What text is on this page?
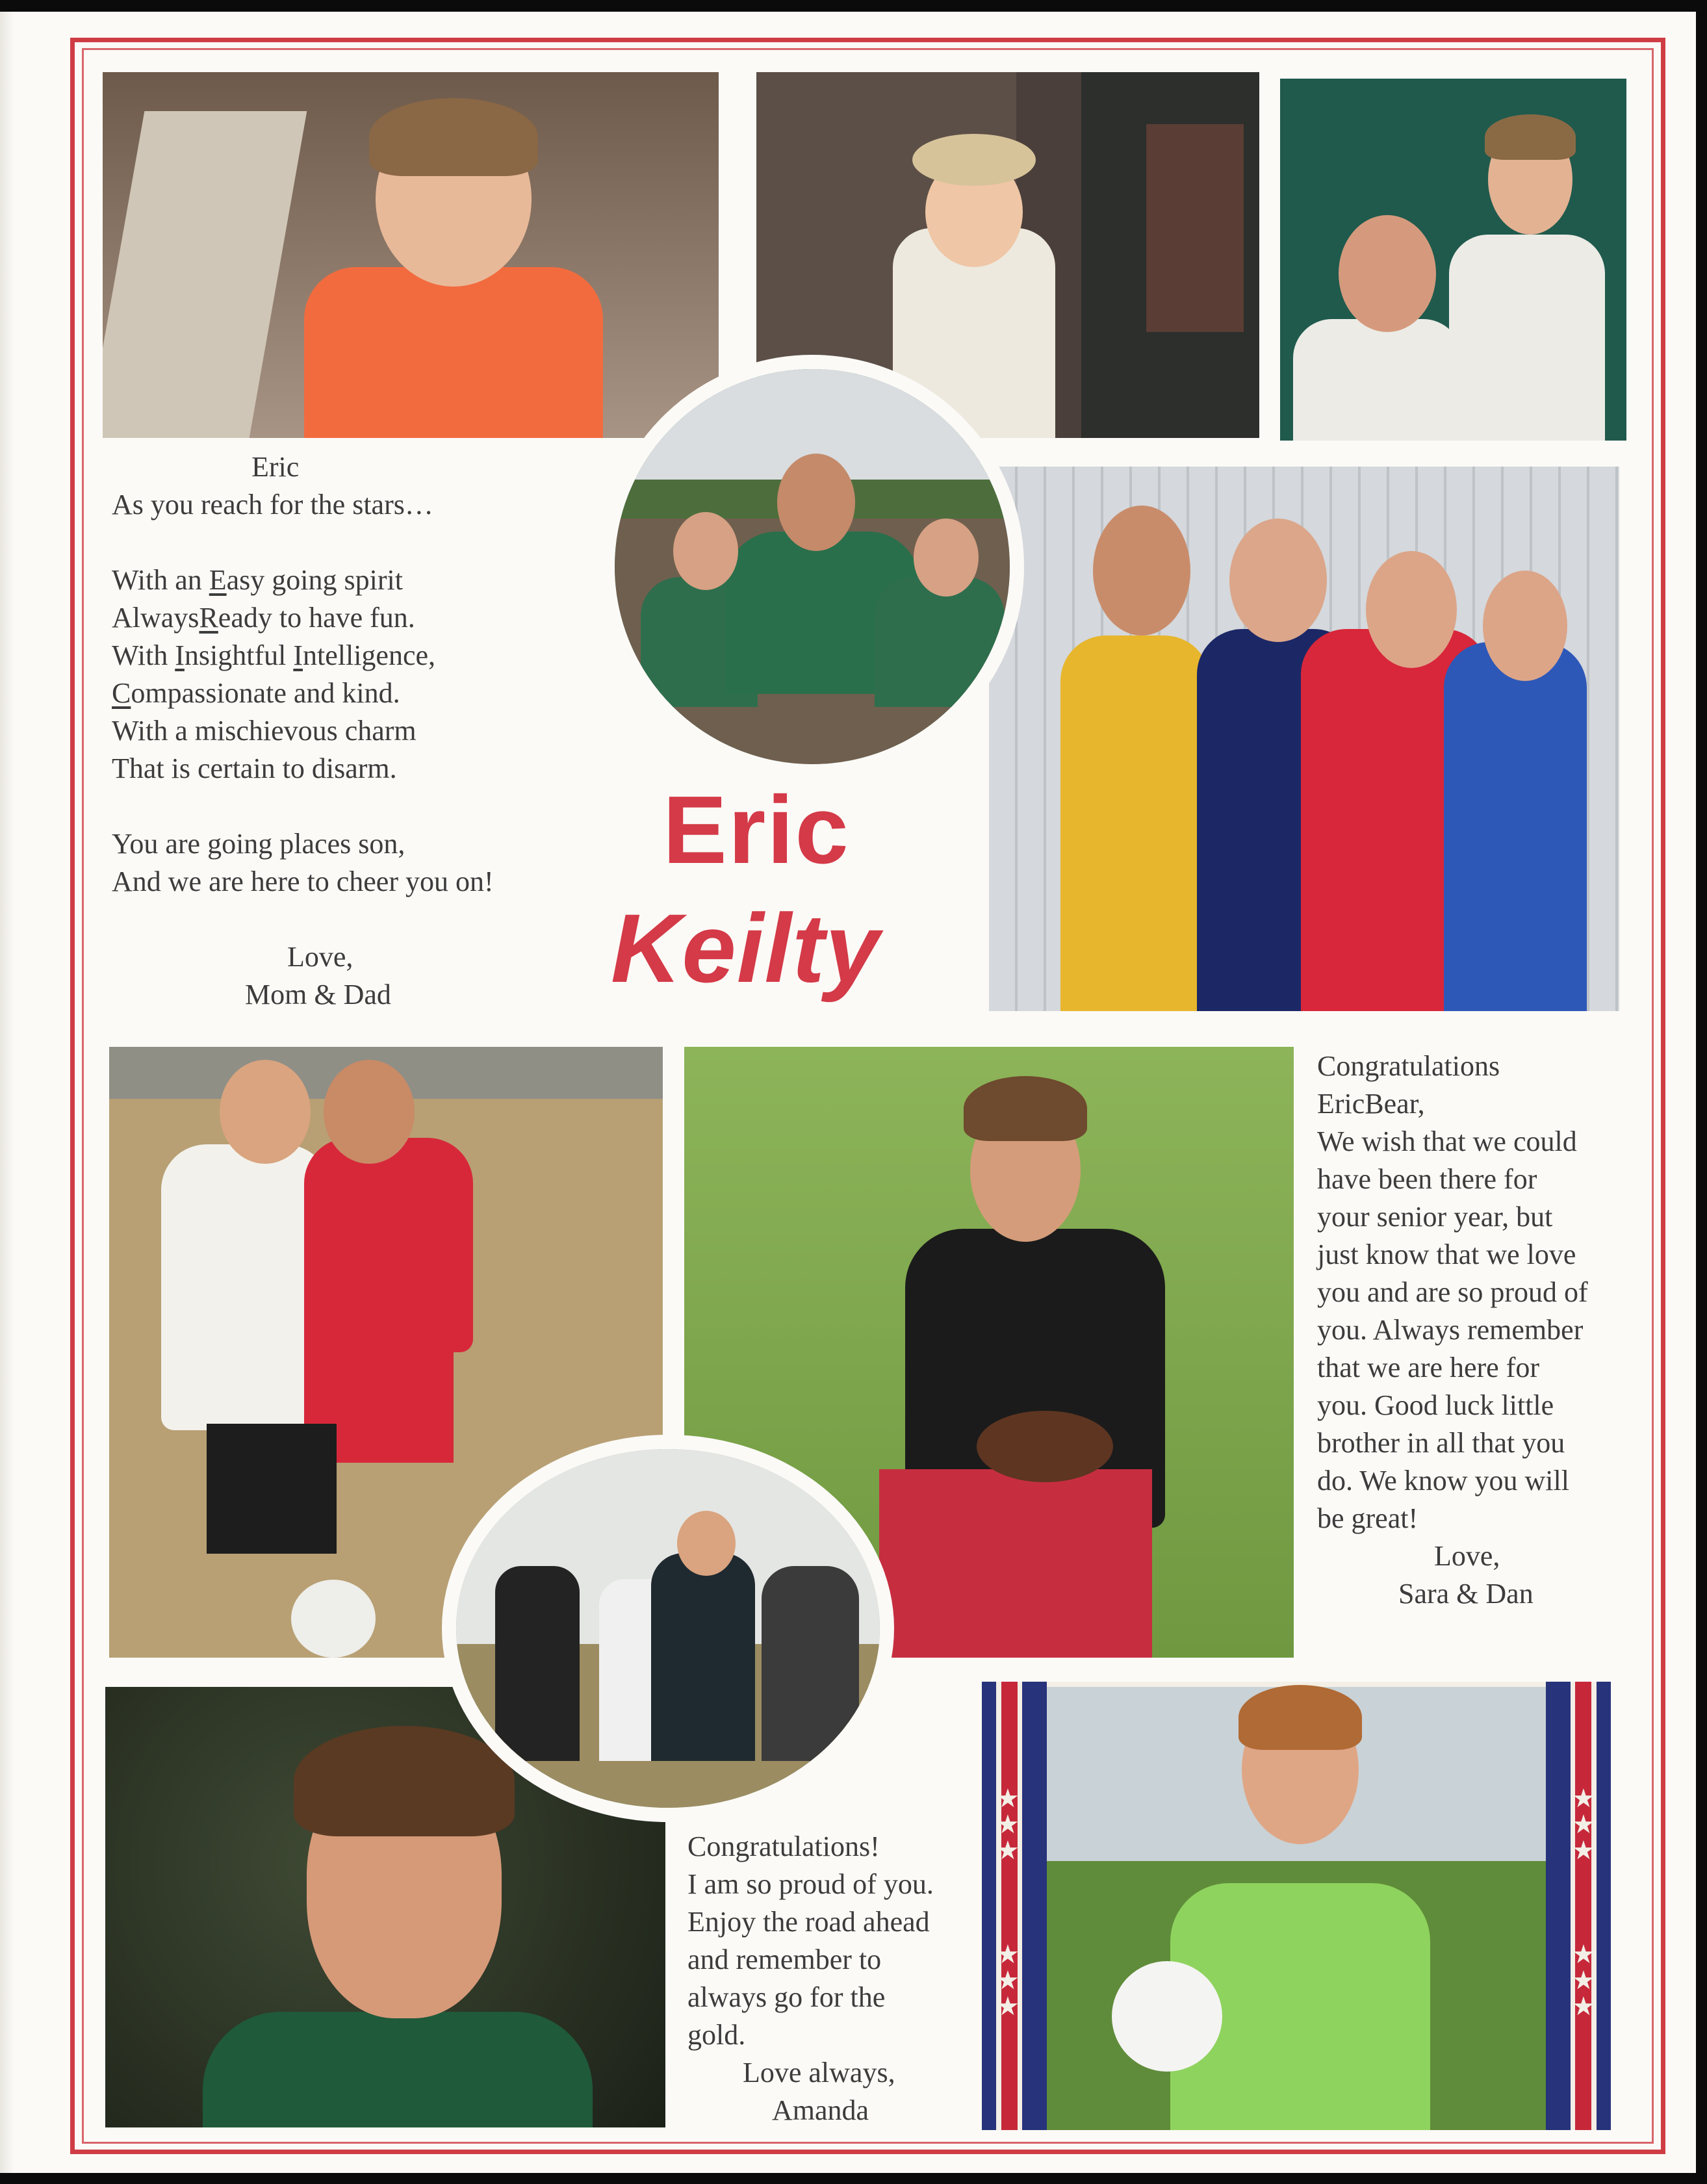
★
★
★
★
★
★
★
★
★
★
★
★
Eric
Keilty
Eric
As you reach for the stars…
With an Easy going spirit
AlwaysReady to have fun.
With Insightful Intelligence,
Compassionate and kind.
With a mischievous charm
That is certain to disarm.
You are going places son,
And we are here to cheer you on!
Love,
Mom & Dad
Congratulations
EricBear,
We wish that we could
have been there for
your senior year, but
just know that we love
you and are so proud of
you. Always remember
that we are here for
you. Good luck little
brother in all that you
do. We know you will
be great!
Love,
Sara & Dan
Congratulations!
I am so proud of you.
Enjoy the road ahead
and remember to
always go for the
gold.
Love always,
Amanda
